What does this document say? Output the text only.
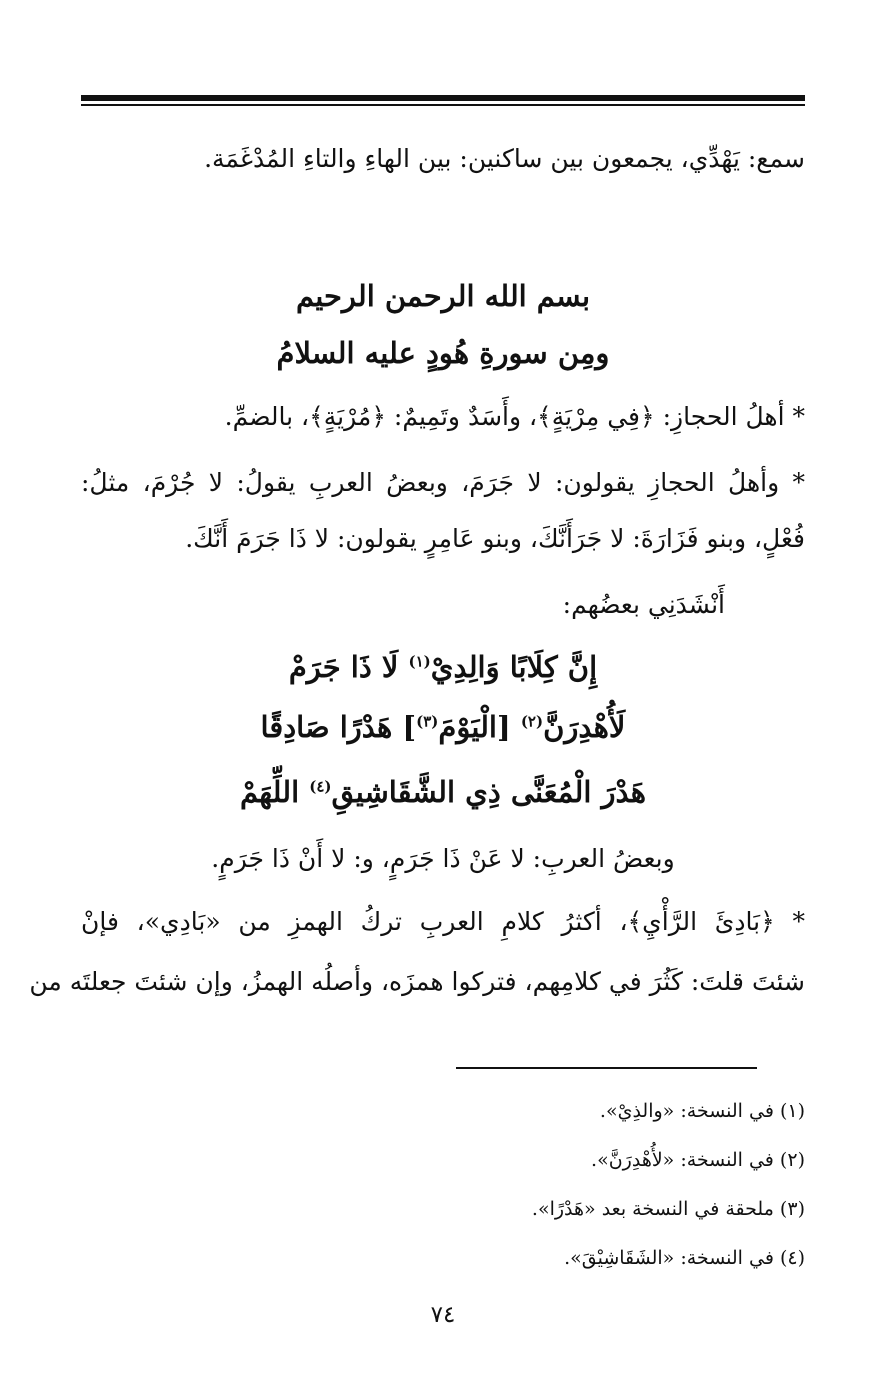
سمع: يَهْدِّي، يجمعون بين ساكنين: بين الهاءِ والتاءِ المُدْغَمَة.
بسم الله الرحمن الرحيم
ومِن سورةِ هُودٍ عليه السلامُ
* أهلُ الحجازِ: ﴿فِي مِرْيَةٍ﴾، وأَسَدٌ وتَمِيمٌ: ﴿مُرْيَةٍ﴾، بالضمِّ.
* وأهلُ الحجازِ يقولون: لا جَرَمَ، وبعضُ العربِ يقولُ: لا جُرْمَ، مثلُ:
فُعْلٍ، وبنو فَزَارَةَ: لا جَرَأَنَّكَ، وبنو عَامِرٍ يقولون: لا ذَا جَرَمَ أَنَّكَ.
أَنْشَدَنِي بعضُهم:
إِنَّ كِلَابًا وَالِدِيْ$^{(١)}$ لَا ذَا جَرَمْ
لَأُهْدِرَنَّ$^{(٢)}$ [الْيَوْمَ$^{(٣)}$] هَدْرًا صَادِقًا
هَدْرَ الْمُعَنَّى ذِي الشَّقَاشِيقِ$^{(٤)}$ اللِّهَمْ
وبعضُ العربِ: لا عَنْ ذَا جَرَمٍ، و: لا أَنْ ذَا جَرَمٍ.
* ﴿بَادِئَ الرَّأْيِ﴾، أكثرُ كلامِ العربِ تركُ الهمزِ من «بَادِي»، فإنْ
شئتَ قلتَ: كَثُرَ في كلامِهم، فتركوا همزَه، وأصلُه الهمزُ، وإن شئتَ جعلتَه من
(١) في النسخة: «والذِيْ».
(٢) في النسخة: «لأُهْدِرَنَّ».
(٣) ملحقة في النسخة بعد «هَدْرًا».
(٤) في النسخة: «الشَقَاشِيْقَ».
٧٤
